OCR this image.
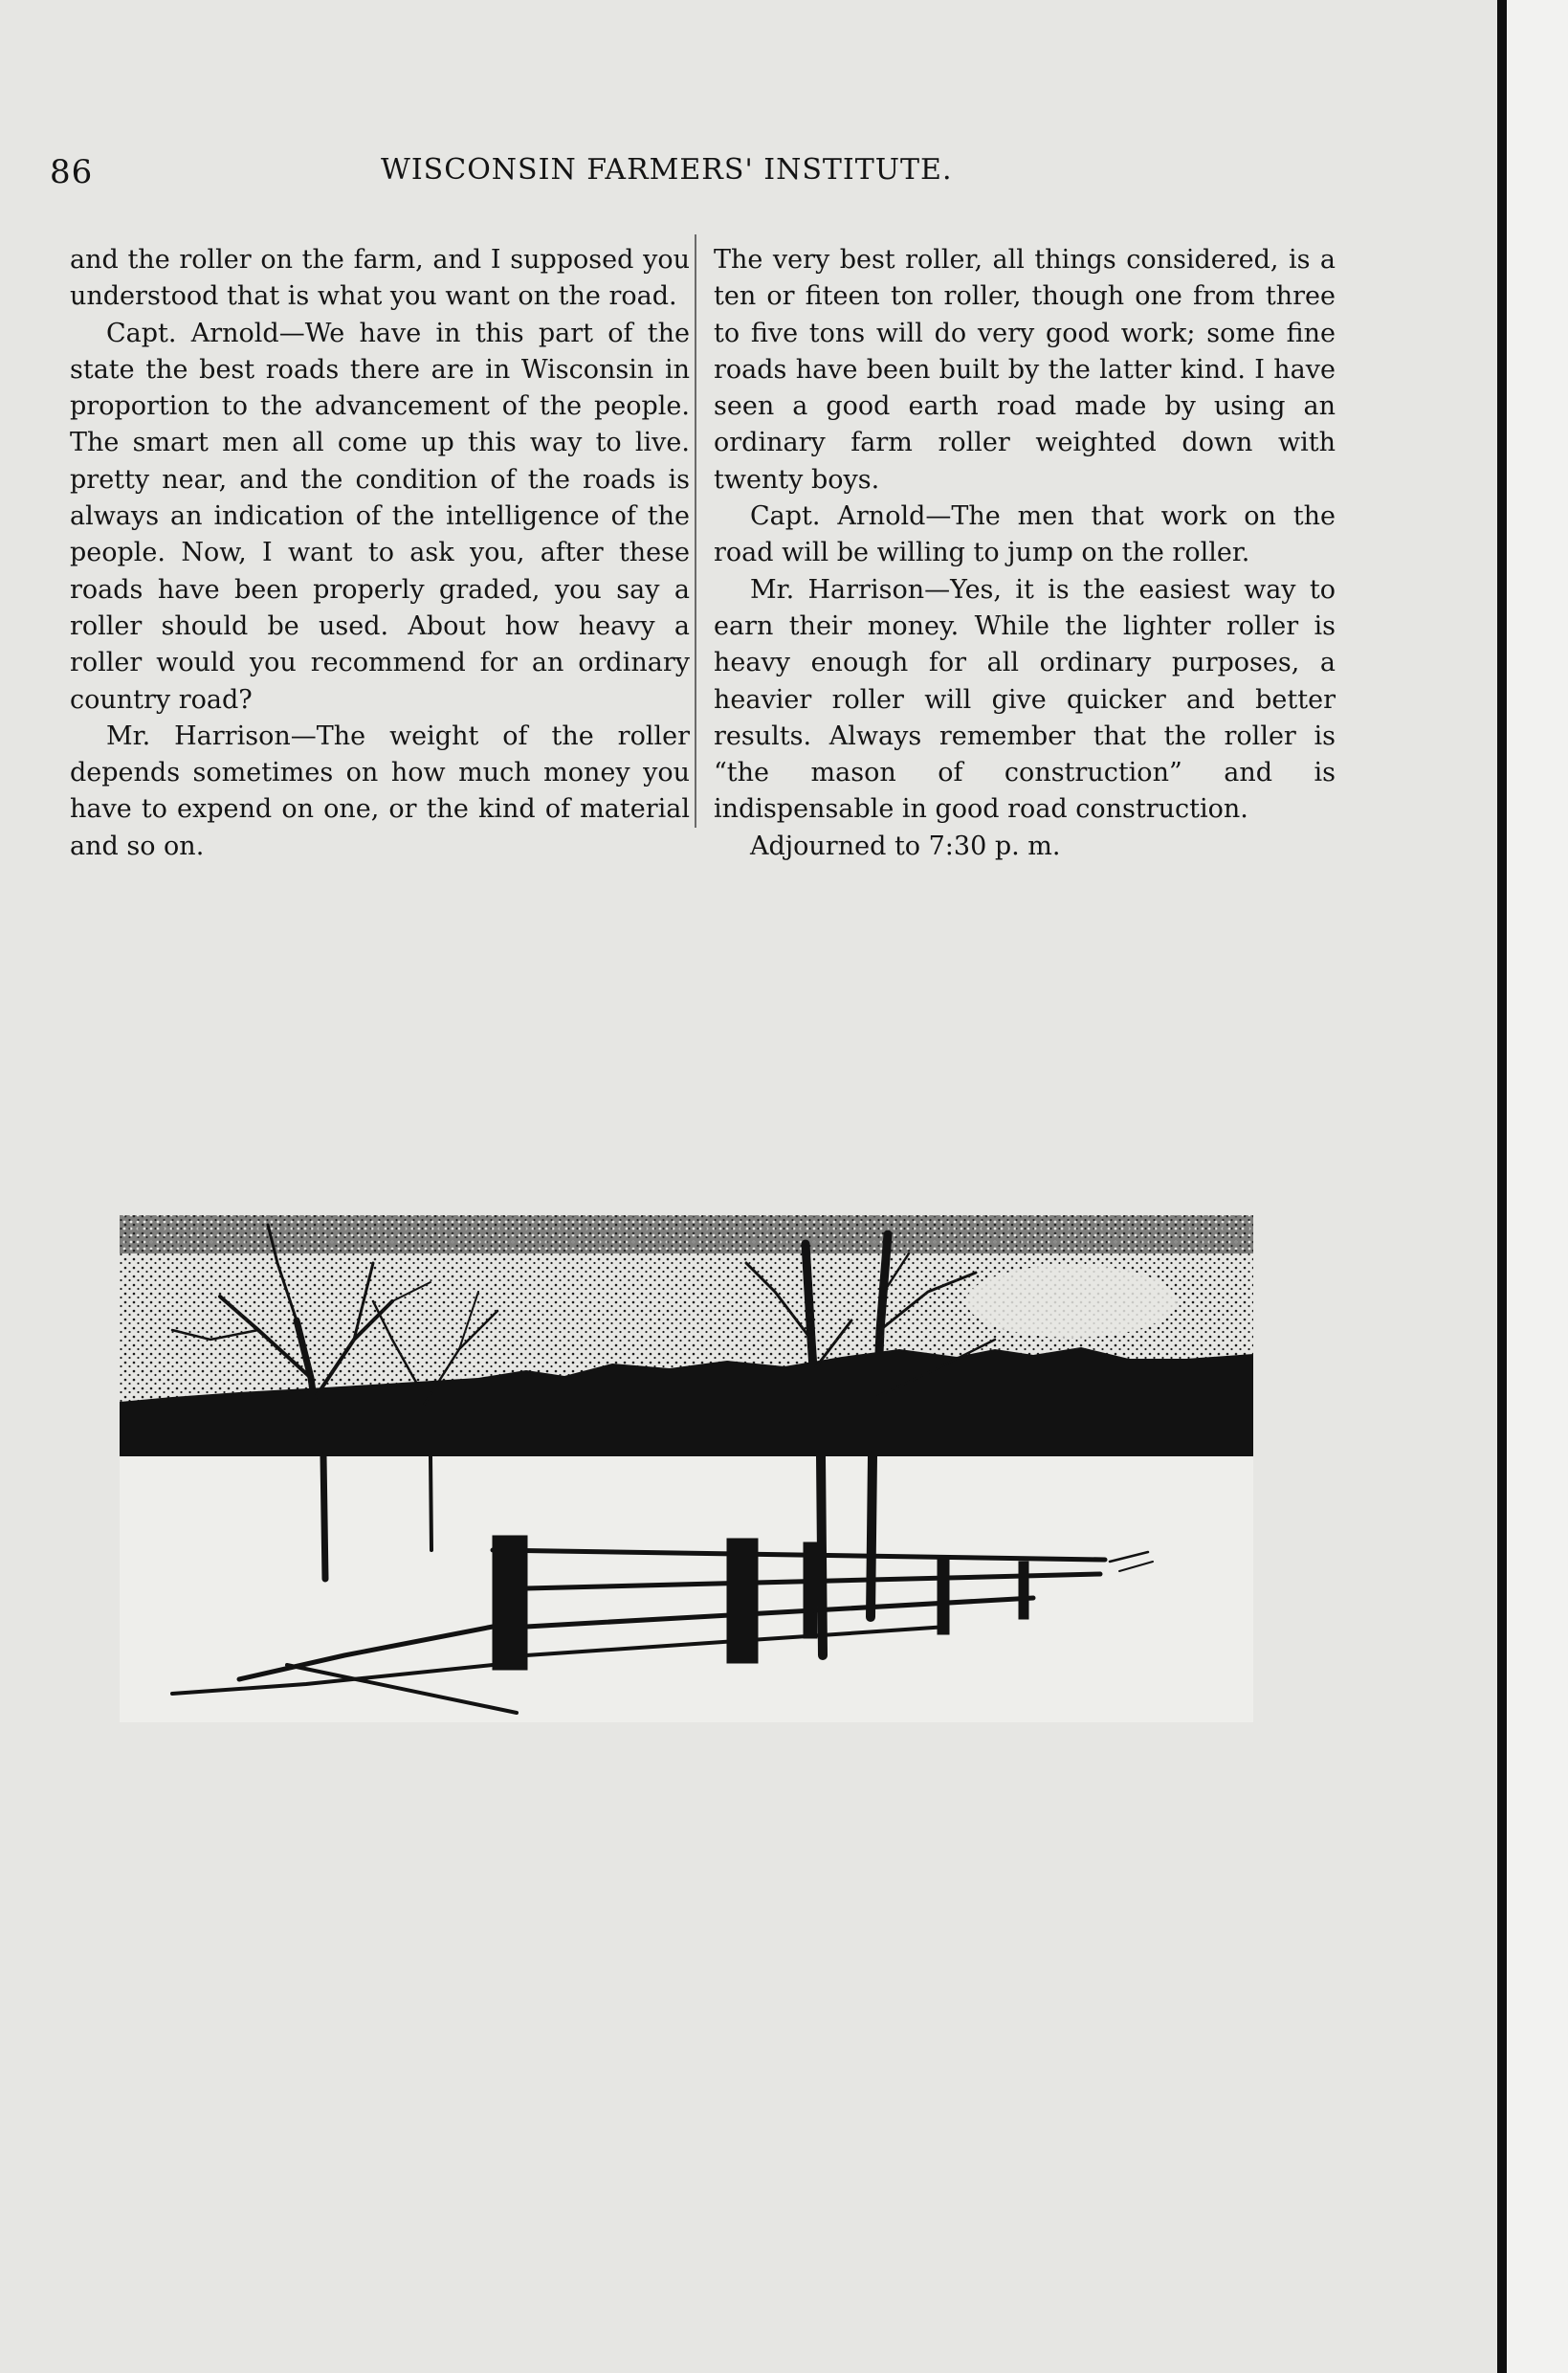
86	WISCONSIN FARMERS' INSTITUTE.

and the roller on the farm, and I supposed you understood that is what you want on the road.

Capt. Arnold—We have in this part of the state the best roads there are in Wisconsin in proportion to the advancement of the people. The smart men all come up this way to live. pretty near, and the condition of the roads is always an indication of the intelligence of the people. Now, I want to ask you, after these roads have been properly graded, you say a roller should be used. About how heavy a roller would you recommend for an ordinary country road?

Mr. Harrison—The weight of the roller depends sometimes on how much money you have to expend on one, or the kind of material and so on.

The very best roller, all things considered, is a ten or fiteen ton roller, though one from three to five tons will do very good work; some fine roads have been built by the latter kind. I have seen a good earth road made by using an ordinary farm roller weighted down with twenty boys.

Capt. Arnold—The men that work on the road will be willing to jump on the roller.

Mr. Harrison—Yes, it is the easiest way to earn their money. While the lighter roller is heavy enough for all ordinary purposes, a heavier roller will give quicker and better results. Always remember that the roller is “the mason of construction” and is indispensable in good road construction.

Adjourned to 7:30 p. m.
